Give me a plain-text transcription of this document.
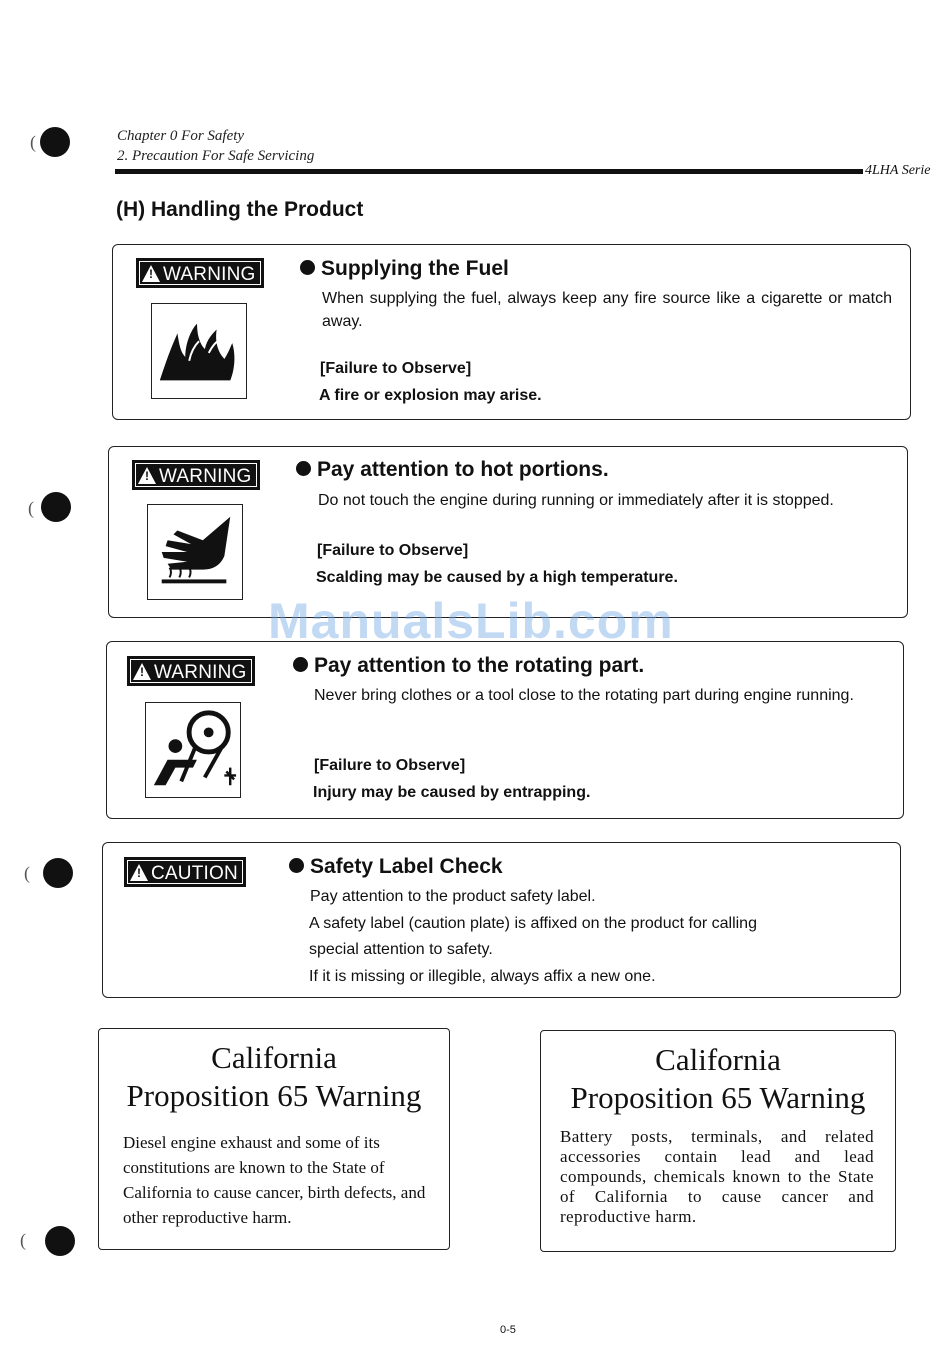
(
(
(
(
Chapter 0 For Safety
2. Precaution For Safe Servicing
4LHA Serie
(H) Handling the Product
!WARNING	Supplying the Fuel
When supplying the fuel, always keep any fire source like a cigarette or match away.
[Failure to Observe]
A fire or explosion may arise.
!WARNING	Pay attention to hot portions.
Do not touch the engine during running or immediately after it is stopped.
[Failure to Observe]
Scalding may be caused by a high temperature.
ManualsLib.com
!WARNING	Pay attention to the rotating part.
Never bring clothes or a tool close to the rotating part during engine running.
[Failure to Observe]
Injury may be caused by entrapping.
!CAUTION	Safety Label Check
Pay attention to the product safety label.
A safety label (caution plate) is affixed on the product for calling
special attention to safety.
If it is missing or illegible, always affix a new one.
California
Proposition 65 Warning
Diesel engine exhaust and some of its constitutions are known to the State of California to cause cancer, birth defects, and other reproductive harm.
California
Proposition 65 Warning
Battery posts, terminals, and related accessories contain lead and lead compounds, chemicals known to the State of California to cause cancer and reproductive harm.
0-5
